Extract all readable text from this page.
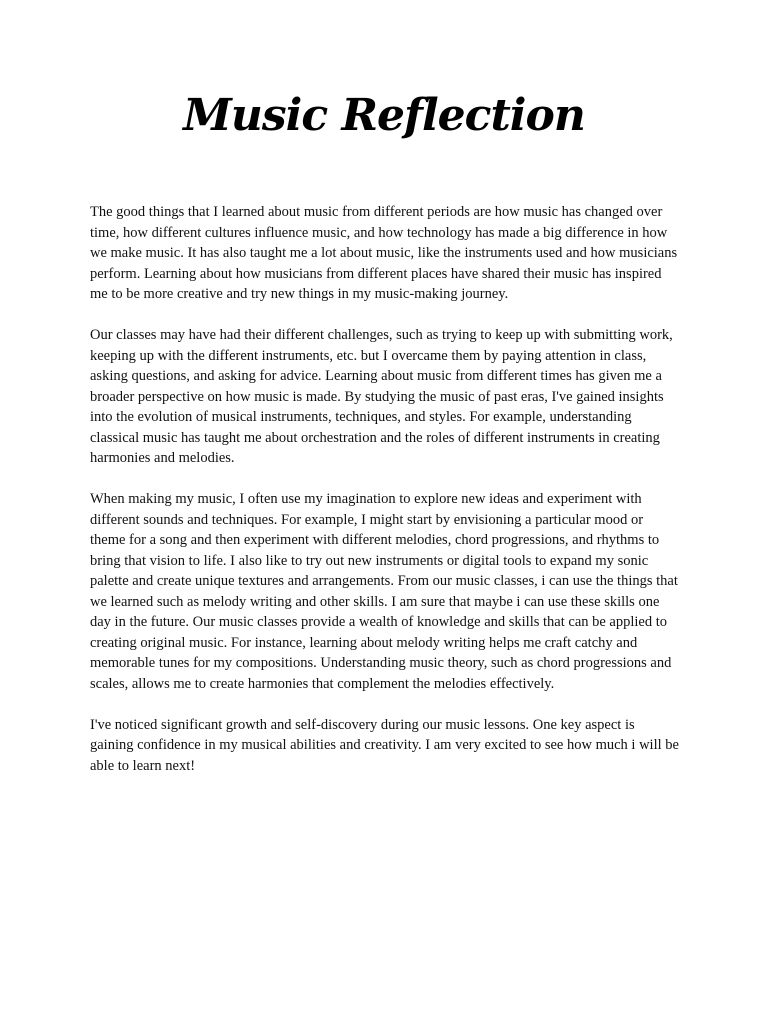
Music Reflection

The good things that I learned about music from different periods are how music has changed over time, how different cultures influence music, and how technology has made a big difference in how we make music. It has also taught me a lot about music, like the instruments used and how musicians perform. Learning about how musicians from different places have shared their music has inspired me to be more creative and try new things in my music-making journey.

Our classes may have had their different challenges, such as trying to keep up with submitting work, keeping up with the different instruments, etc. but I overcame them by paying attention in class, asking questions, and asking for advice. Learning about music from different times has given me a broader perspective on how music is made. By studying the music of past eras, I've gained insights into the evolution of musical instruments, techniques, and styles. For example, understanding classical music has taught me about orchestration and the roles of different instruments in creating harmonies and melodies.

When making my music, I often use my imagination to explore new ideas and experiment with different sounds and techniques. For example, I might start by envisioning a particular mood or theme for a song and then experiment with different melodies, chord progressions, and rhythms to bring that vision to life. I also like to try out new instruments or digital tools to expand my sonic palette and create unique textures and arrangements. From our music classes, i can use the things that we learned such as melody writing and other skills. I am sure that maybe i can use these skills one day in the future. Our music classes provide a wealth of knowledge and skills that can be applied to creating original music. For instance, learning about melody writing helps me craft catchy and memorable tunes for my compositions. Understanding music theory, such as chord progressions and scales, allows me to create harmonies that complement the melodies effectively.

I've noticed significant growth and self-discovery during our music lessons. One key aspect is gaining confidence in my musical abilities and creativity. I am very excited to see how much i will be able to learn next!
